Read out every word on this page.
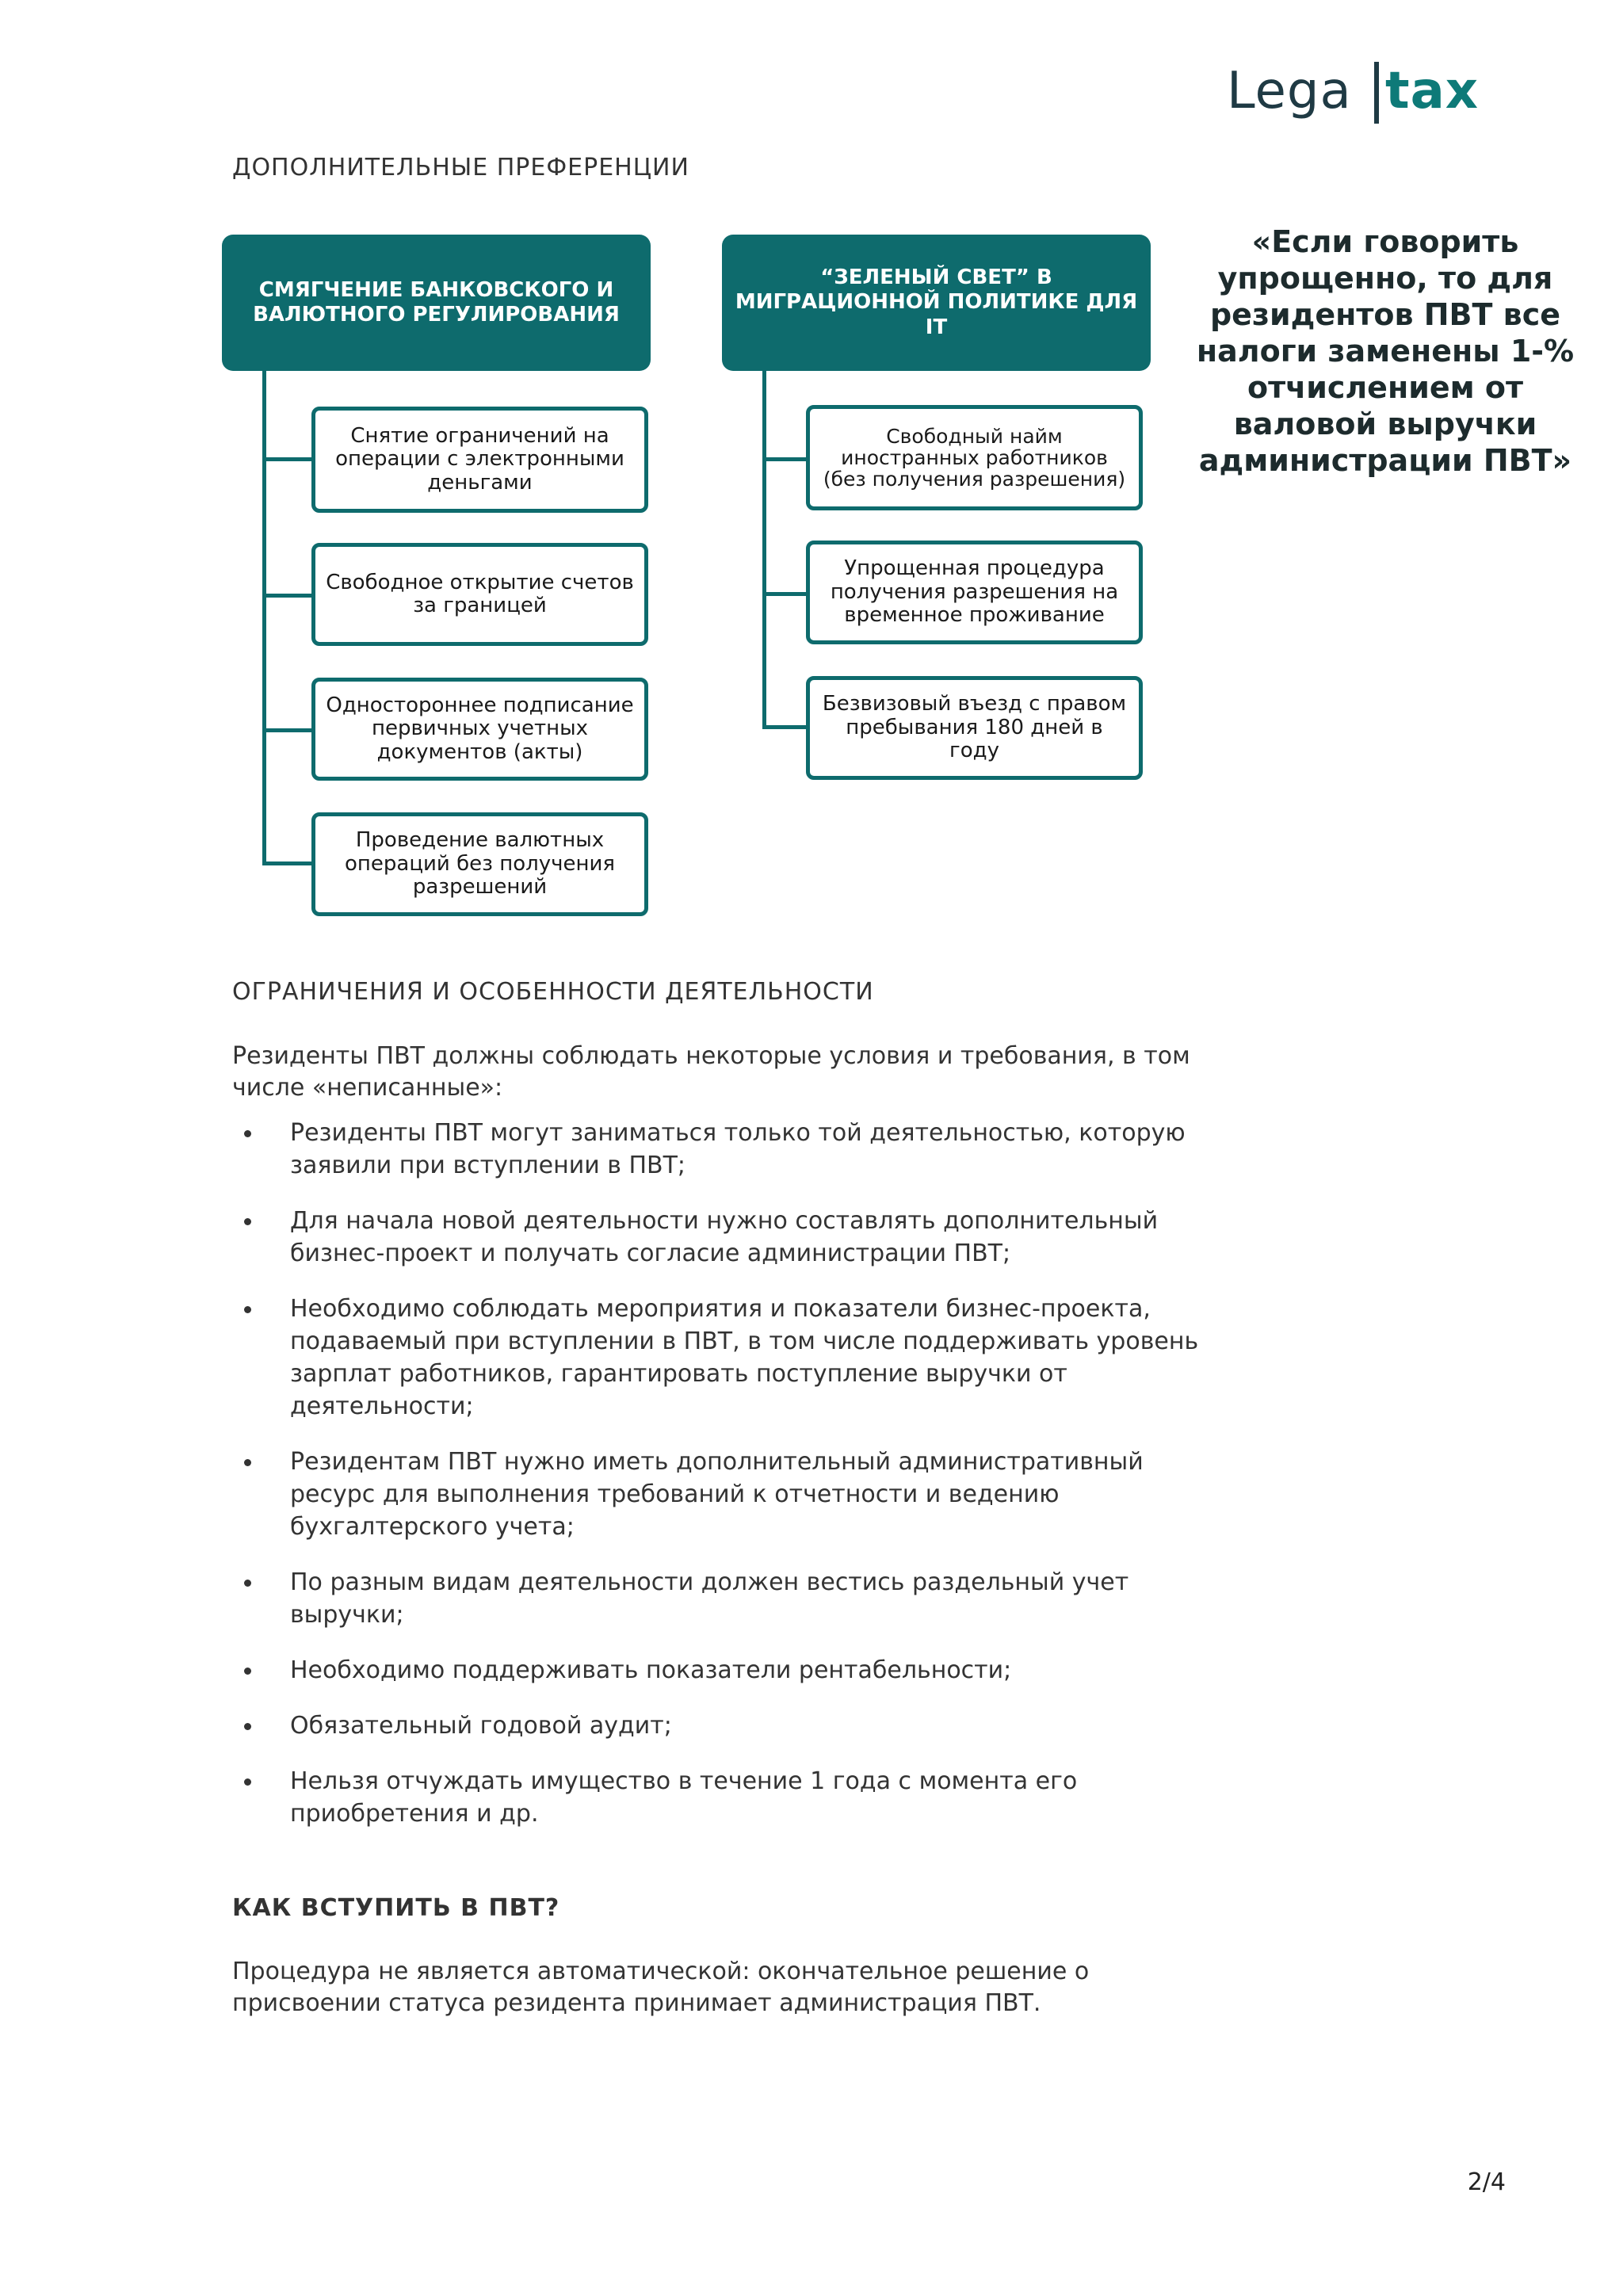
Lega tax
ДОПОЛНИТЕЛЬНЫЕ ПРЕФЕРЕНЦИИ
СМЯГЧЕНИЕ БАНКОВСКОГО И ВАЛЮТНОГО РЕГУЛИРОВАНИЯ
Снятие ограничений на операции с электронными деньгами
Свободное открытие счетов за границей
Одностороннее подписание первичных учетных документов (акты)
Проведение валютных операций без получения разрешений
“ЗЕЛЕНЫЙ СВЕТ” В МИГРАЦИОННОЙ ПОЛИТИКЕ ДЛЯ IT
Свободный найм иностранных работников (без получения разрешения)
Упрощенная процедура получения разрешения на временное проживание
Безвизовый въезд с правом пребывания 180 дней в году
«Если говорить упрощенно, то для резидентов ПВТ все налоги заменены 1-% отчислением от валовой выручки администрации ПВТ»
ОГРАНИЧЕНИЯ И ОСОБЕННОСТИ ДЕЯТЕЛЬНОСТИ

Резиденты ПВТ должны соблюдать некоторые условия и требования, в том числе «неписанные»:

Резиденты ПВТ могут заниматься только той деятельностью, которую заявили при вступлении в ПВТ;
Для начала новой деятельности нужно составлять дополнительный бизнес-проект и получать согласие администрации ПВТ;
Необходимо соблюдать мероприятия и показатели бизнес-проекта, подаваемый при вступлении в ПВТ, в том числе поддерживать уровень зарплат работников, гарантировать поступление выручки от деятельности;
Резидентам ПВТ нужно иметь дополнительный административный ресурс для выполнения требований к отчетности и ведению бухгалтерского учета;
По разным видам деятельности должен вестись раздельный учет выручки;
Необходимо поддерживать показатели рентабельности;
Обязательный годовой аудит;
Нельзя отчуждать имущество в течение 1 года с момента его приобретения и др.
КАК ВСТУПИТЬ В ПВТ?

Процедура не является автоматической: окончательное решение о присвоении статуса резидента принимает администрация ПВТ.

2/4
